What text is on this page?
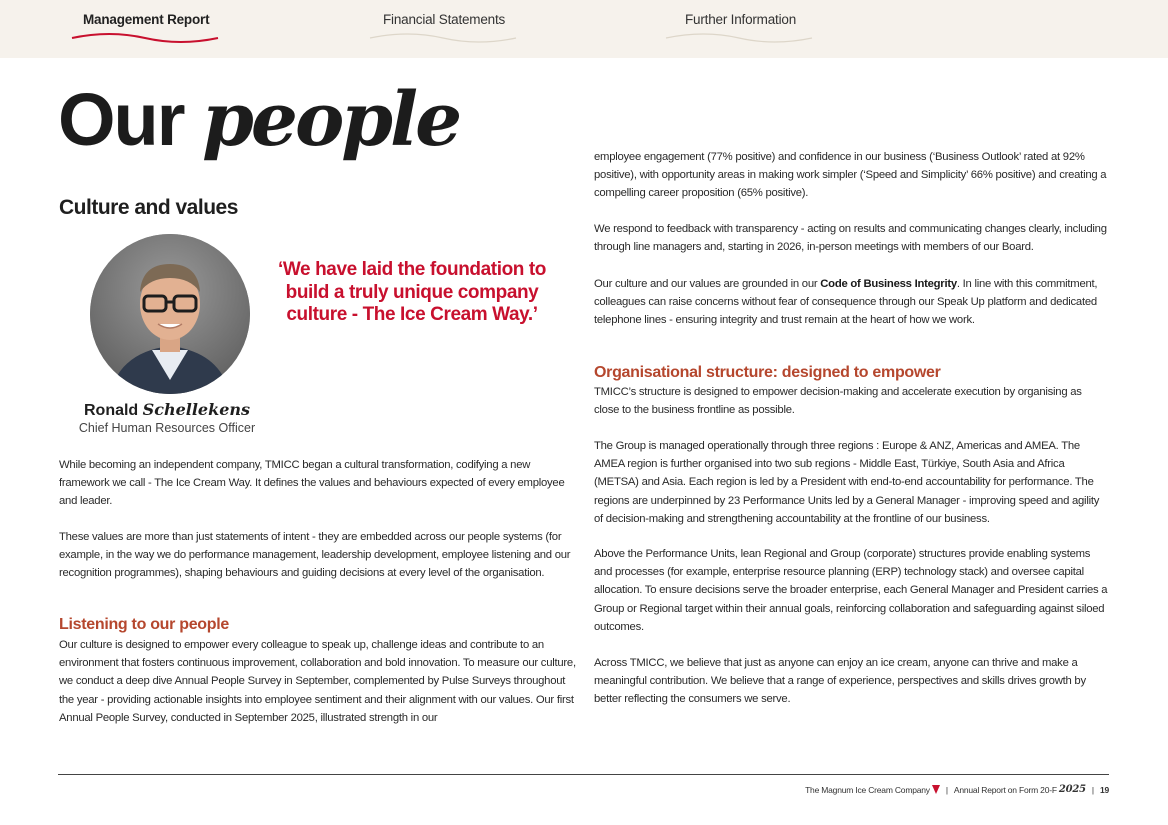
Management Report	Financial Statements	Further Information
Our people
Culture and values
Ronald Schellekens
Chief Human Resources Officer
‘We have laid the foundation to build a truly unique company culture - The Ice Cream Way.’

While becoming an independent company, TMICC began a cultural transformation, codifying a new framework we call - The Ice Cream Way. It defines the values and behaviours expected of every employee and leader.

These values are more than just statements of intent - they are embedded across our people systems (for example, in the way we do performance management, leadership development, employee listening and our recognition programmes), shaping behaviours and guiding decisions at every level of the organisation.

Listening to our people

Our culture is designed to empower every colleague to speak up, challenge ideas and contribute to an environment that fosters continuous improvement, collaboration and bold innovation. To measure our culture, we conduct a deep dive Annual People Survey in September, complemented by Pulse Surveys throughout the year - providing actionable insights into employee sentiment and their alignment with our values. Our first Annual People Survey, conducted in September 2025, illustrated strength in our

employee engagement (77% positive) and confidence in our business (‘Business Outlook’ rated at 92% positive), with opportunity areas in making work simpler (‘Speed and Simplicity’ 66% positive) and creating a compelling career proposition (65% positive).

We respond to feedback with transparency - acting on results and communicating changes clearly, including through line managers and, starting in 2026, in-person meetings with members of our Board.

Our culture and our values are grounded in our Code of Business Integrity. In line with this commitment, colleagues can raise concerns without fear of consequence through our Speak Up platform and dedicated telephone lines - ensuring integrity and trust remain at the heart of how we work.

Organisational structure: designed to empower

TMICC’s structure is designed to empower decision-making and accelerate execution by organising as close to the business frontline as possible.

The Group is managed operationally through three regions : Europe & ANZ, Americas and AMEA. The AMEA region is further organised into two sub regions - Middle East, Türkiye, South Asia and Africa (METSA) and Asia. Each region is led by a President with end-to-end accountability for performance. The regions are underpinned by 23 Performance Units led by a General Manager - improving speed and agility of decision-making and strengthening accountability at the frontline of our business.

Above the Performance Units, lean Regional and Group (corporate) structures provide enabling systems and processes (for example, enterprise resource planning (ERP) technology stack) and oversee capital allocation. To ensure decisions serve the broader enterprise, each General Manager and President carries a Group or Regional target within their annual goals, reinforcing collaboration and safeguarding against siloed outcomes.

Across TMICC, we believe that just as anyone can enjoy an ice cream, anyone can thrive and make a meaningful contribution. We believe that a range of experience, perspectives and skills drives growth by better reflecting the consumers we serve.

The Magnum Ice Cream Company | Annual Report on Form 20-F 2025 | 19
